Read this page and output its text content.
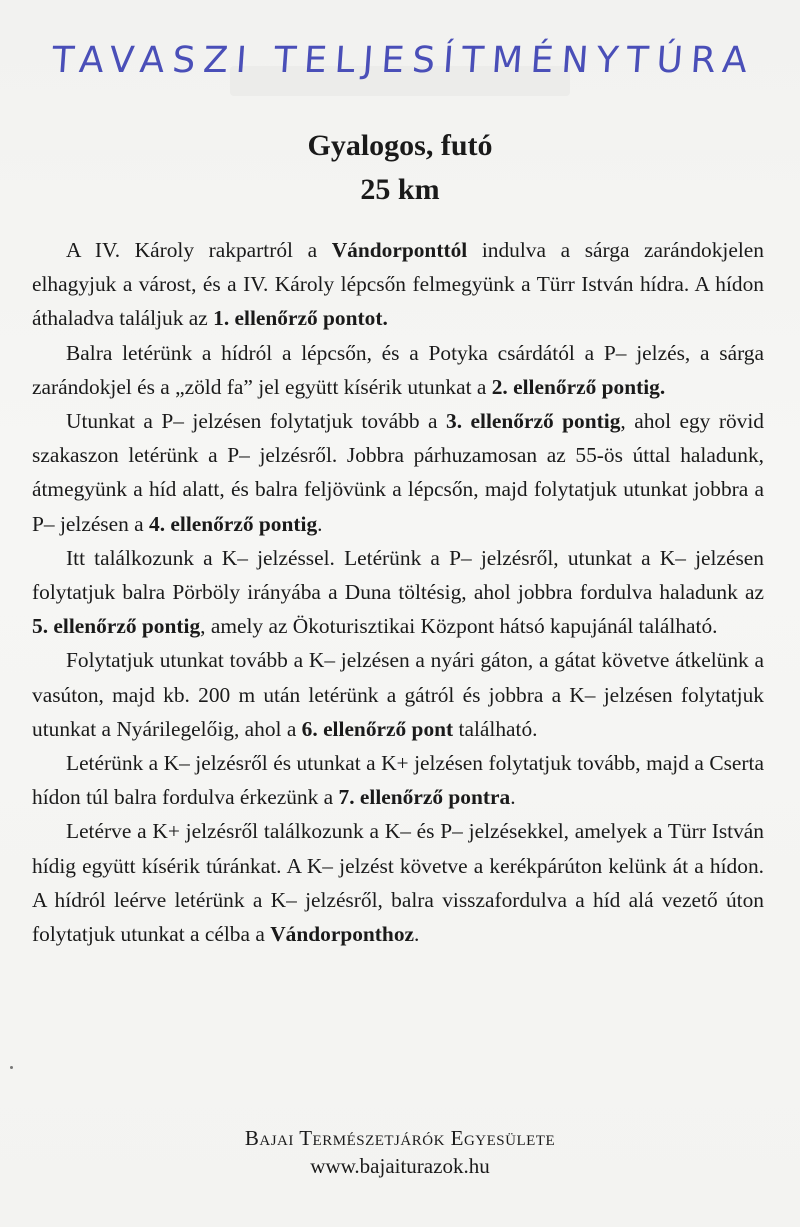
TAVASZI TELJESÍTMÉNYTÚRA
Gyalogos, futó
25 km

A IV. Károly rakpartról a Vándorponttól indulva a sárga zarándokjelen elhagyjuk a várost, és a IV. Károly lépcsőn felmegyünk a Türr István hídra. A hídon áthaladva találjuk az 1. ellenőrző pontot.

Balra letérünk a hídról a lépcsőn, és a Potyka csárdától a P– jelzés, a sárga zarándokjel és a „zöld fa” jel együtt kísérik utunkat a 2. ellenőrző pontig.

Utunkat a P– jelzésen folytatjuk tovább a 3. ellenőrző pontig, ahol egy rövid szakaszon letérünk a P– jelzésről. Jobbra párhuzamosan az 55-ös úttal haladunk, átmegyünk a híd alatt, és balra feljövünk a lépcsőn, majd folytatjuk utunkat jobbra a P– jelzésen a 4. ellenőrző pontig.

Itt találkozunk a K– jelzéssel. Letérünk a P– jelzésről, utunkat a K– jelzésen folytatjuk balra Pörböly irányába a Duna töltésig, ahol jobbra fordulva haladunk az 5. ellenőrző pontig, amely az Ökoturisztikai Központ hátsó kapujánál található.

Folytatjuk utunkat tovább a K– jelzésen a nyári gáton, a gátat követve átkelünk a vasúton, majd kb. 200 m után letérünk a gátról és jobbra a K– jelzésen folytatjuk utunkat a Nyárilegelőig, ahol a 6. ellenőrző pont található.

Letérünk a K– jelzésről és utunkat a K+ jelzésen folytatjuk tovább, majd a Cserta hídon túl balra fordulva érkezünk a 7. ellenőrző pontra.

Letérve a K+ jelzésről találkozunk a K– és P– jelzésekkel, amelyek a Türr István hídig együtt kísérik túránkat. A K– jelzést követve a kerékpárúton kelünk át a hídon. A hídról leérve letérünk a K– jelzésről, balra visszafordulva a híd alá vezető úton folytatjuk utunkat a célba a Vándorponthoz.

Bajai Természetjárók Egyesülete
www.bajaiturazok.hu
